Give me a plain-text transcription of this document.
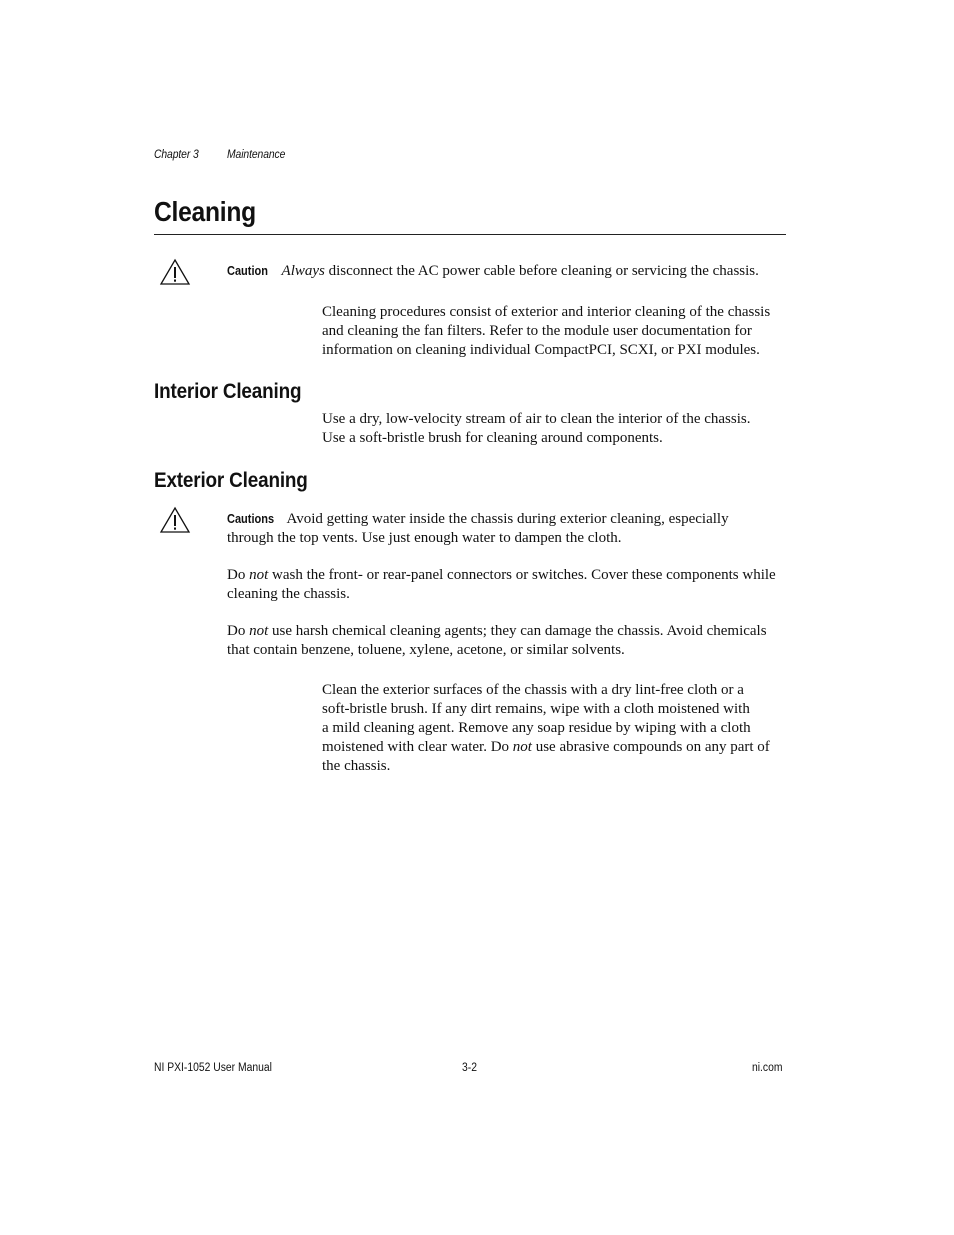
Chapter 3 Maintenance
Cleaning

Caution Always disconnect the AC power cable before cleaning or servicing the chassis.

Cleaning procedures consist of exterior and interior cleaning of the chassis
and cleaning the fan filters. Refer to the module user documentation for
information on cleaning individual CompactPCI, SCXI, or PXI modules.

Interior Cleaning

Use a dry, low-velocity stream of air to clean the interior of the chassis.
Use a soft-bristle brush for cleaning around components.

Exterior Cleaning

Cautions Avoid getting water inside the chassis during exterior cleaning, especially
through the top vents. Use just enough water to dampen the cloth.

Do not wash the front- or rear-panel connectors or switches. Cover these components while
cleaning the chassis.

Do not use harsh chemical cleaning agents; they can damage the chassis. Avoid chemicals
that contain benzene, toluene, xylene, acetone, or similar solvents.

Clean the exterior surfaces of the chassis with a dry lint-free cloth or a
soft-bristle brush. If any dirt remains, wipe with a cloth moistened with
a mild cleaning agent. Remove any soap residue by wiping with a cloth
moistened with clear water. Do not use abrasive compounds on any part of
the chassis.

NI PXI-1052 User Manual	3-2	ni.com
